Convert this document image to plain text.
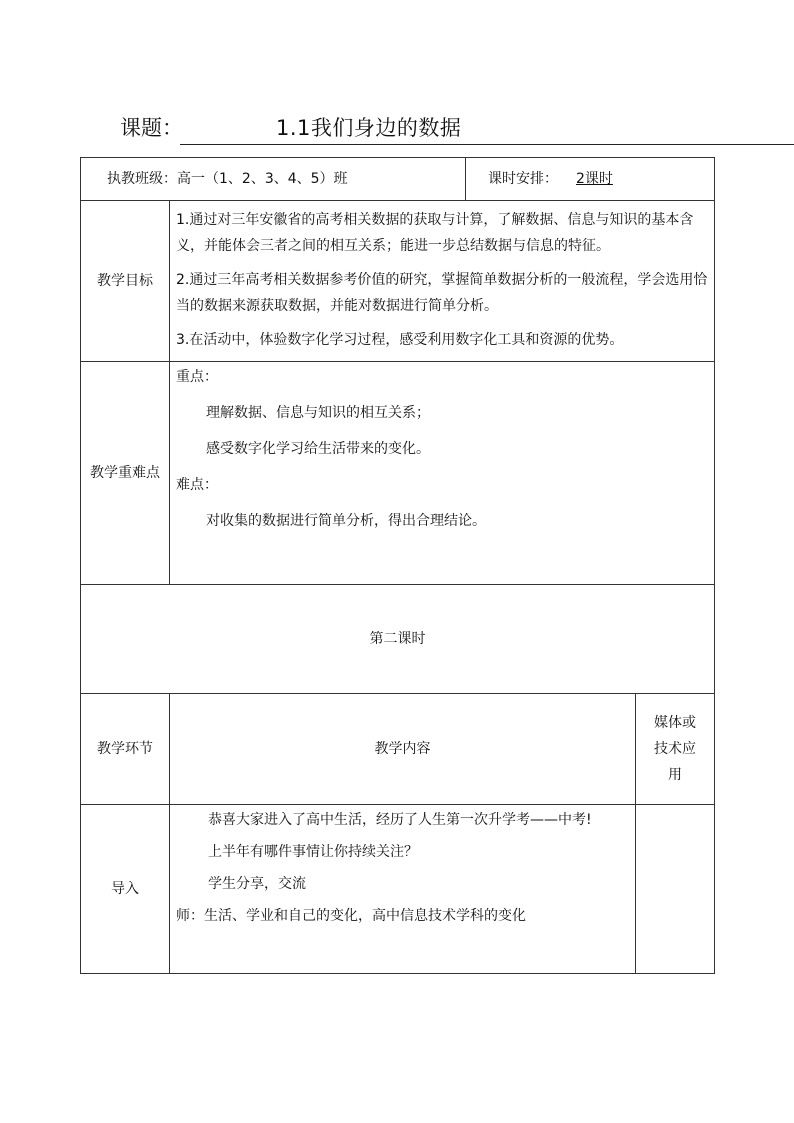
课题：	1.1我们身边的数据
执教班级：高一（1、2、3、4、5）班		课时安排： 2课时	
教学目标	1.通过对三年安徽省的高考相关数据的获取与计算，了解数据、信息与知识的基本含义，并能体会三者之间的相互关系；能进一步总结数据与信息的特征。

2.通过三年高考相关数据参考价值的研究，掌握简单数据分析的一般流程，学会选用恰当的数据来源获取数据，并能对数据进行简单分析。

3.在活动中，体验数字化学习过程，感受利用数字化工具和资源的优势。		

教学重难点	重点：

理解数据、信息与知识的相互关系；

感受数字化学习给生活带来的变化。

难点：

对收集的数据进行简单分析，得出合理结论。		

第二课时			
教学环节	教学内容		媒体或技术应用
导入	恭喜大家进入了高中生活，经历了人生第一次升学考——中考!

上半年有哪件事情让你持续关注？

学生分享，交流

师：生活、学业和自己的变化，高中信息技术学科的变化		
